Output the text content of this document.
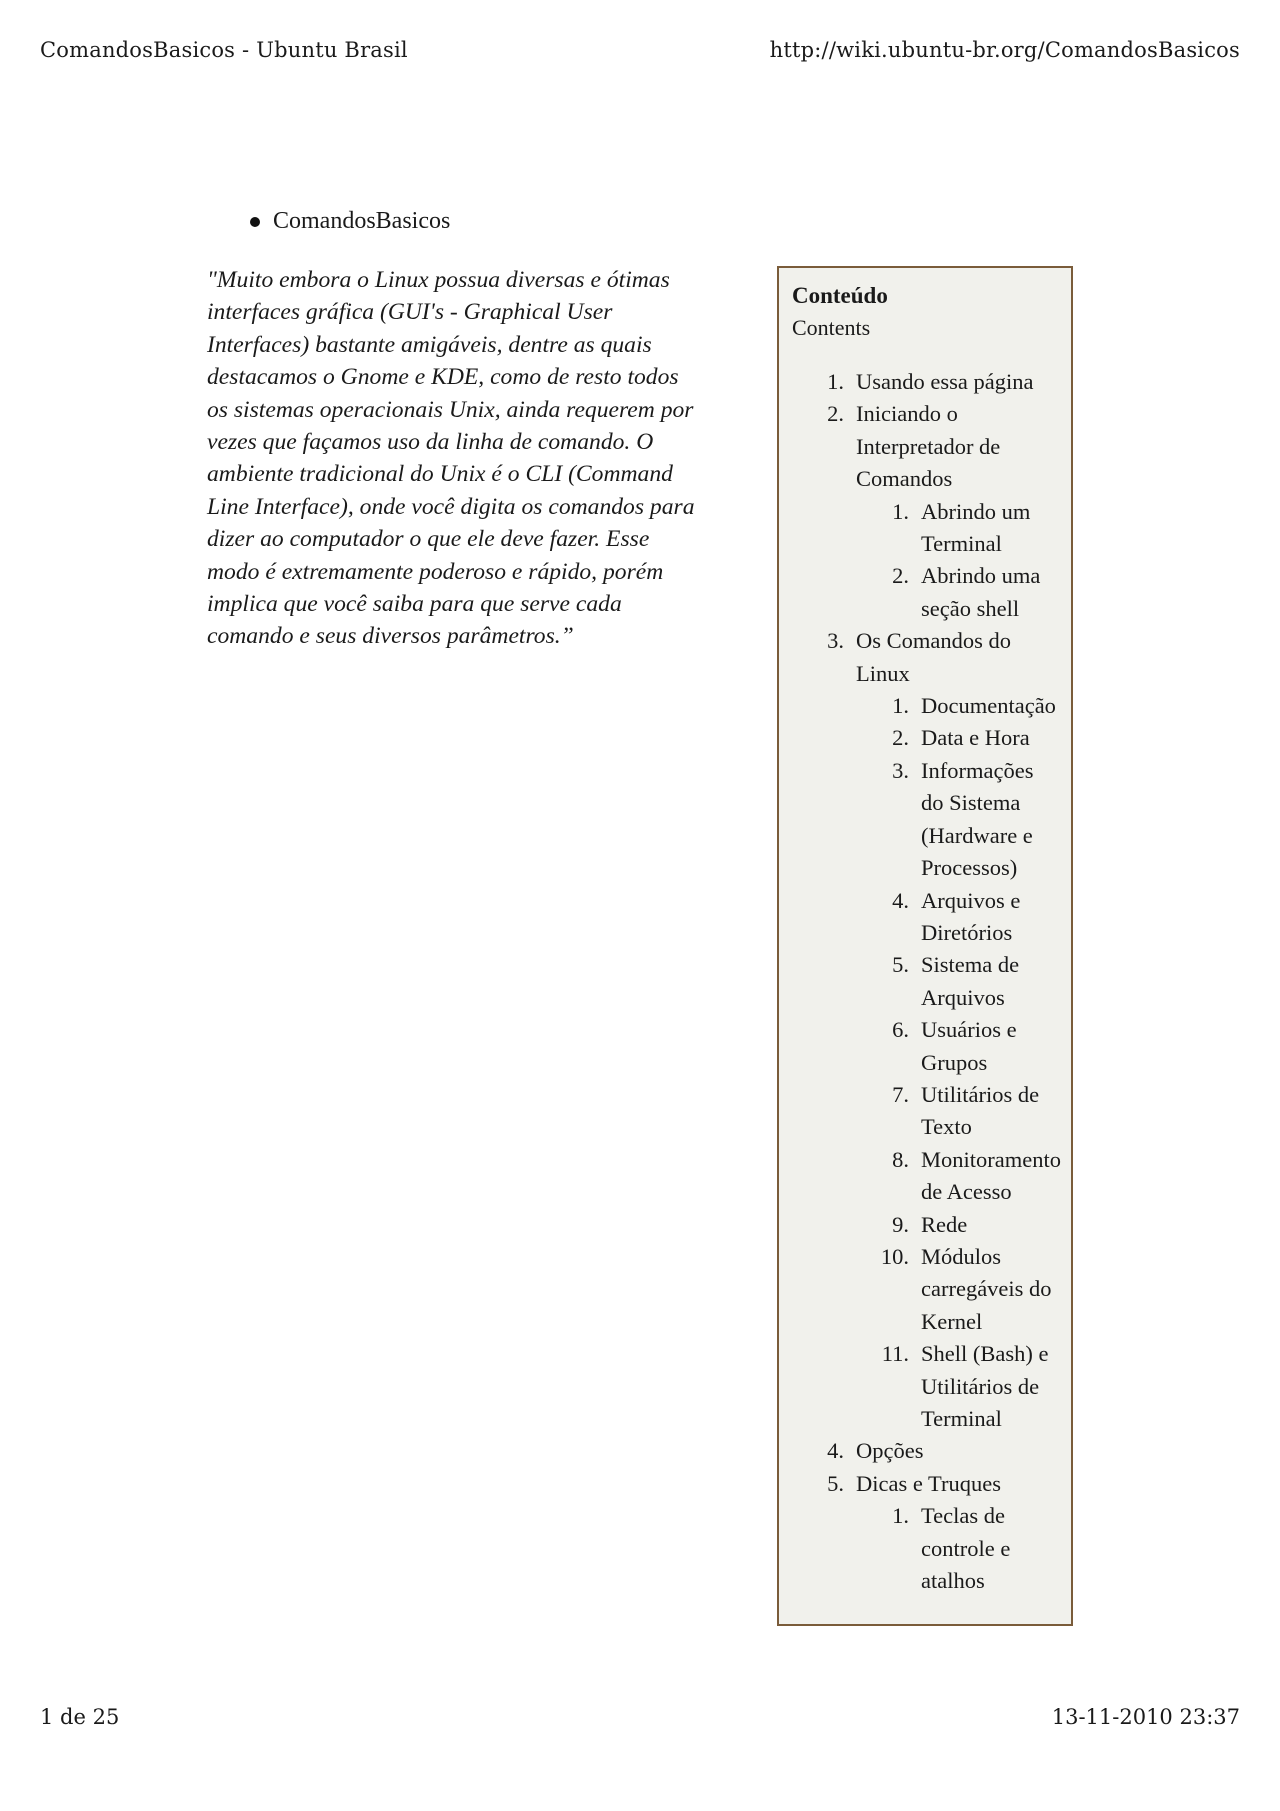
ComandosBasicos - Ubuntu Brasil	http://wiki.ubuntu-br.org/ComandosBasicos
ComandosBasicos

"Muito embora o Linux possua diversas e ótimas
interfaces gráfica (GUI's - Graphical User
Interfaces) bastante amigáveis, dentre as quais
destacamos o Gnome e KDE, como de resto todos
os sistemas operacionais Unix, ainda requerem por
vezes que façamos uso da linha de comando. O
ambiente tradicional do Unix é o CLI (Command
Line Interface), onde você digita os comandos para
dizer ao computador o que ele deve fazer. Esse
modo é extremamente poderoso e rápido, porém
implica que você saiba para que serve cada
comando e seus diversos parâmetros.”

Conteúdo
Contents
1. Usando essa página
2. Iniciando o
Interpretador de
Comandos
1. Abrindo um
Terminal
2. Abrindo uma
seção shell
3. Os Comandos do
Linux
1. Documentação
2. Data e Hora
3. Informações
do Sistema
(Hardware e
Processos)
4. Arquivos e
Diretórios
5. Sistema de
Arquivos
6. Usuários e
Grupos
7. Utilitários de
Texto
8. Monitoramento
de Acesso
9. Rede
10. Módulos
carregáveis do
Kernel
11. Shell (Bash) e
Utilitários de
Terminal
4. Opções
5. Dicas e Truques
1. Teclas de
controle e
atalhos
1 de 25	13-11-2010 23:37
